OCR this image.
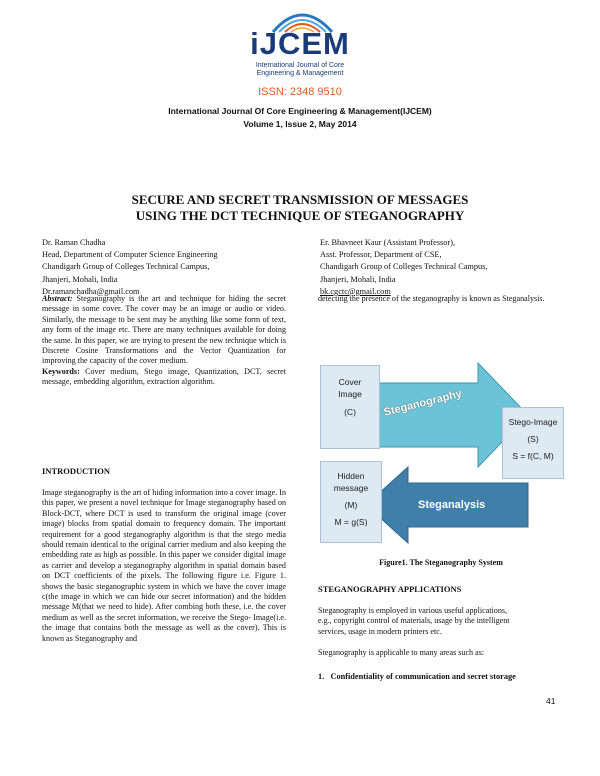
iJCEM
International Journal of Core
Engineering & Management
ISSN: 2348 9510
International Journal Of Core Engineering & Management(IJCEM)
Volume 1, Issue 2, May 2014
SECURE AND SECRET TRANSMISSION OF MESSAGES
USING THE DCT TECHNIQUE OF STEGANOGRAPHY
Dr. Raman Chadha
Head, Department of Computer Science Engineering
Chandigarh Group of Colleges Technical Campus,
Jhanjeri, Mohali, India
Dr.ramanchadha@gmail.com
Er. Bhavneet Kaur (Assistant Professor),
Asst. Professor, Department of CSE,
Chandigarh Group of Colleges Technical Campus,
Jhanjeri, Mohali, India
bk.cgctc@gmail.com

Abstract: Steganography is the art and technique for hiding the secret message in some cover. The cover may be an image or audio or video. Similarly, the message to be sent may be anything like some form of text, any form of the image etc. There are many techniques available for doing the same. In this paper, we are trying to present the new technique which is Discrete Cosine Transformations and the Vector Quantization for improving the capacity of the cover medium.

Keywords: Cover medium, Stego image, Quantization, DCT, secret message, embedding algorithm, extraction algorithm.

INTRODUCTION

Image steganography is the art of hiding information into a cover image. In this paper, we present a novel technique for Image steganography based on Block-DCT, where DCT is used to transform the original image (cover image) blocks from spatial domain to frequency domain. The important requirement for a good steganography algorithm is that the stego media should remain identical to the original carrier medium and also keeping the embedding rate as high as possible. In this paper we consider digital image as carrier and develop a steganography algorithm in spatial domain based on DCT coefficients of the pixels. The following figure i.e. Figure 1. shows the basic steganographic system in which we have the cover image c(the image in which we can hide our secret information) and the hidden message M(that we need to hide). After combing both these, i.e. the cover medium as well as the secret information, we receive the Stego- Image(i.e. the image that contains both the message as well as the cover). This is known as Steganography and

detecting the presence of the steganography is known as Steganalysis.

Cover
Image
(C)
Hidden
message
(M)
M = g(S)
Stego-Image
(S)
S = f(C, M)
Steganography
Steganalysis
Figure1. The Steganography System
STEGANOGRAPHY APPLICATIONS

Steganography is employed in various useful applications,
e.g., copyright control of materials, usage by the intelligent
services, usage in modern printers etc.

Steganography is applicable to many areas such as:
1. Confidentiality of communication and secret storage
41
